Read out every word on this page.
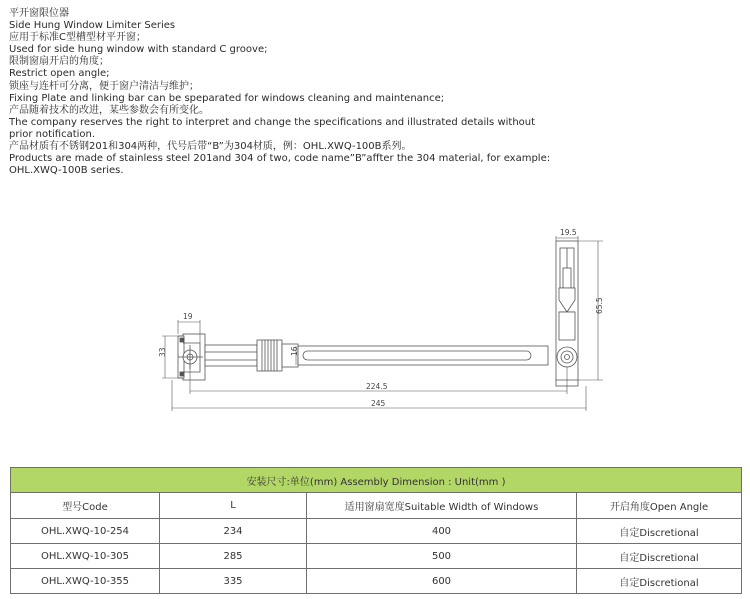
平开窗限位器
Side Hung Window Limiter Series
应用于标准C型槽型材平开窗；
Used for side hung window with standard C groove;
限制窗扇开启的角度；
Restrict open angle;
锁座与连杆可分离，便于窗户清洁与维护；
Fixing Plate and linking bar can be speparated for windows cleaning and maintenance;
产品随着技术的改进，某些参数会有所变化。
The company reserves the right to interpret and change the specifications and illustrated details without
prior notification.
产品材质有不锈钢201和304两种，代号后带“B”为304材质，例：OHL.XWQ-100B系列。
Products are made of stainless steel 201and 304 of two, code name”B”affter the 304 material, for example:
OHL.XWQ-100B series.
19
33	16
224.5
245
19.5
65.5
安装尺寸:单位(mm) Assembly Dimension : Unit(mm )			
型号Code	L	适用窗扇宽度Suitable Width of Windows	开启角度Open Angle
OHL.XWQ-10-254	234	400	自定Discretional
OHL.XWQ-10-305	285	500	自定Discretional
OHL.XWQ-10-355	335	600	自定Discretional
